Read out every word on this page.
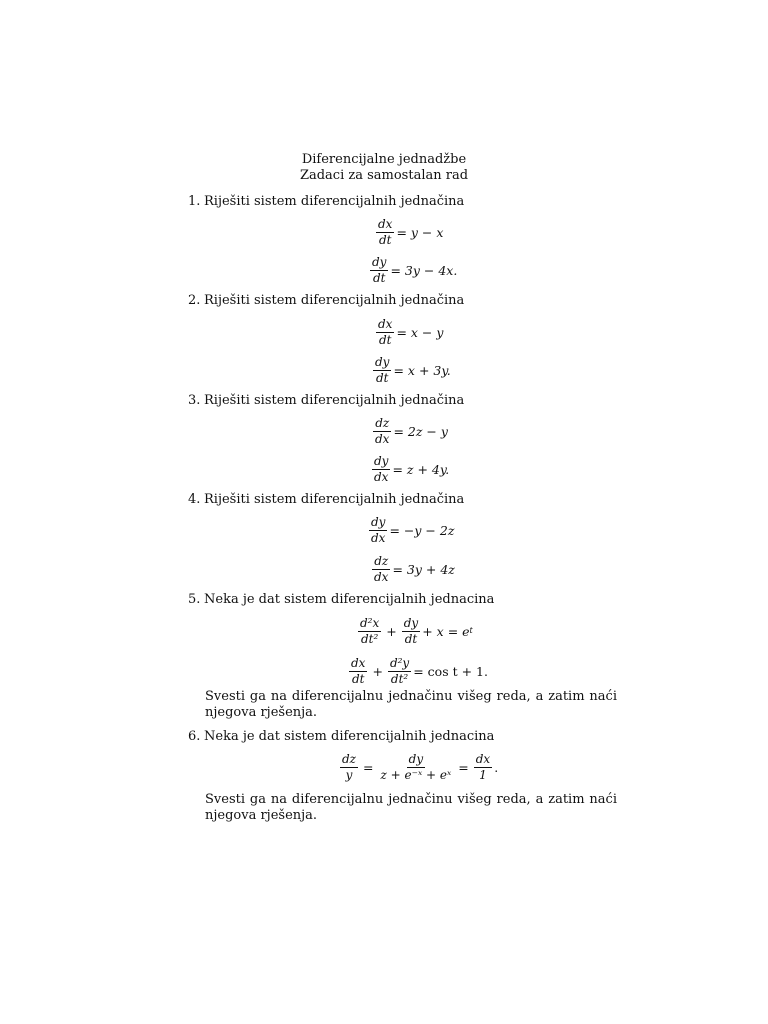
Diferencijalne jednadžbe
Zadaci za samostalan rad
1. Riješiti sistem diferencijalnih jednačina
$\frac{dx}{dt} = y - x$
$\frac{dy}{dt} = 3y - 4x$.
2. Riješiti sistem diferencijalnih jednačina
$\frac{dx}{dt} = x - y$
$\frac{dy}{dt} = x + 3y$.
3. Riješiti sistem diferencijalnih jednačina
$\frac{dz}{dx} = 2z - y$
$\frac{dy}{dx} = z + 4y$.
4. Riješiti sistem diferencijalnih jednačina
$\frac{dy}{dx} = -y - 2z$
$\frac{dz}{dx} = 3y + 4z$
5. Neka je dat sistem diferencijalnih jednacina
$\frac{\text{d²x}}{\text{dt²}} + \frac{dy}{dt} + x = e$ t
$\frac{dx}{dt} + \frac{\text{d²y}}{\text{dt²}} = \cos t + 1$.
Svesti ga na diferencijalnu jednačinu višeg reda, a zatim naći njegova rješenja.
6. Neka je dat sistem diferencijalnih jednacina
$\frac{dz}{y} = \frac{dy}{\text{z + e⁻ˣ + eˣ}} = \frac{dx}{1}$ .
Svesti ga na diferencijalnu jednačinu višeg reda, a zatim naći njegova rješenja.
